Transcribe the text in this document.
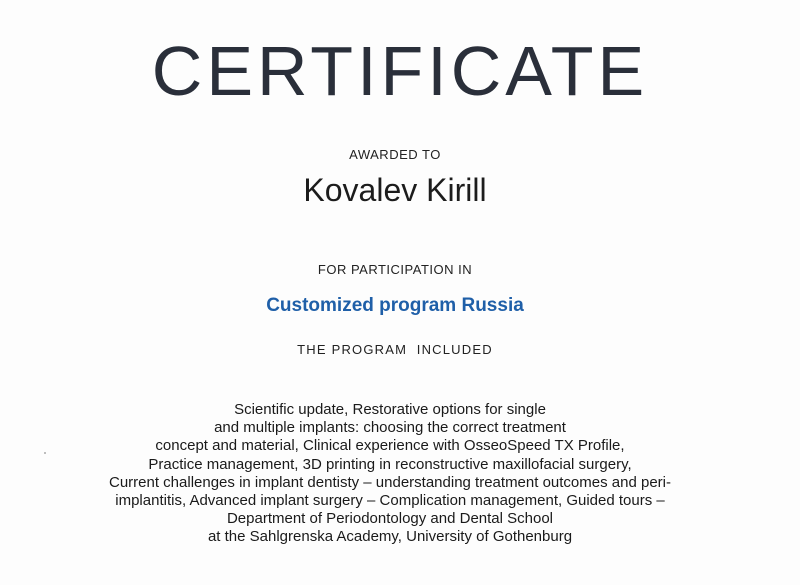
CERTIFICATE
AWARDED TO
Kovalev Kirill
FOR PARTICIPATION IN
Customized program Russia
THE PROGRAM  INCLUDED
Scientific update, Restorative options for single
and multiple implants: choosing the correct treatment
concept and material, Clinical experience with OsseoSpeed TX Profile,
Practice management, 3D printing in reconstructive maxillofacial surgery,
Current challenges in implant dentisty – understanding treatment outcomes and peri-
implantitis, Advanced implant surgery – Complication management, Guided tours –
Department of Periodontology and Dental School
at the Sahlgrenska Academy, University of Gothenburg
